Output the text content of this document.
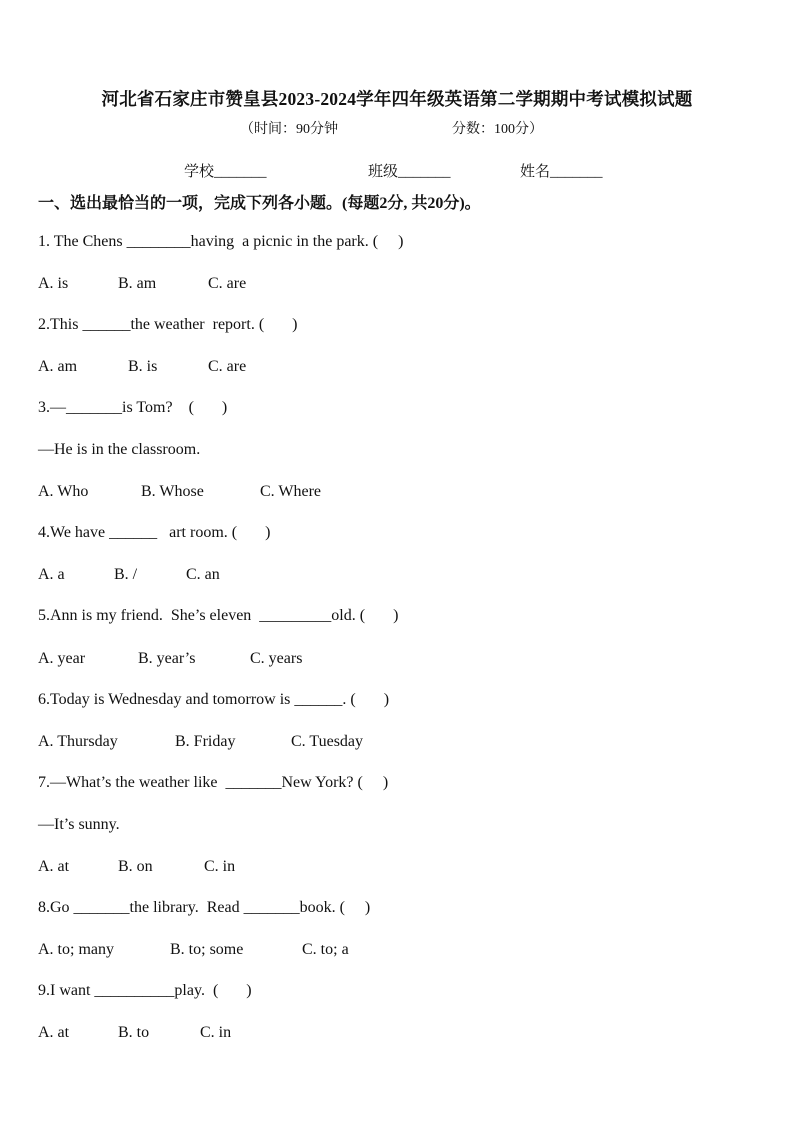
河北省石家庄市赞皇县2023-2024学年四年级英语第二学期期中考试模拟试题
（时间：90分钟	分数：100分）
学校_______	班级_______	姓名_______
一、选出最恰当的一项，完成下列各小题。(每题2分, 共20分)。
1. The Chens ________having  a picnic in the park. (     )
A. is	B. am	C. are
2.This ______the weather  report. (       )
A. am	B. is	C. are
3.—_______is Tom?    (       )
—He is in the classroom.
A. Who	B. Whose	C. Where
4.We have ______   art room. (       )
A. a	B. /	C. an
5.Ann is my friend.  She’s eleven  _________old. (       )
A. year	B. year’s	C. years
6.Today is Wednesday and tomorrow is ______. (       )
A. Thursday	B. Friday	C. Tuesday
7.—What’s the weather like  _______New York? (     )
—It’s sunny.
A. at	B. on	C. in
8.Go _______the library.  Read _______book. (     )
A. to; many	B. to; some	C. to; a
9.I want __________play.  (       )
A. at	B. to	C. in
